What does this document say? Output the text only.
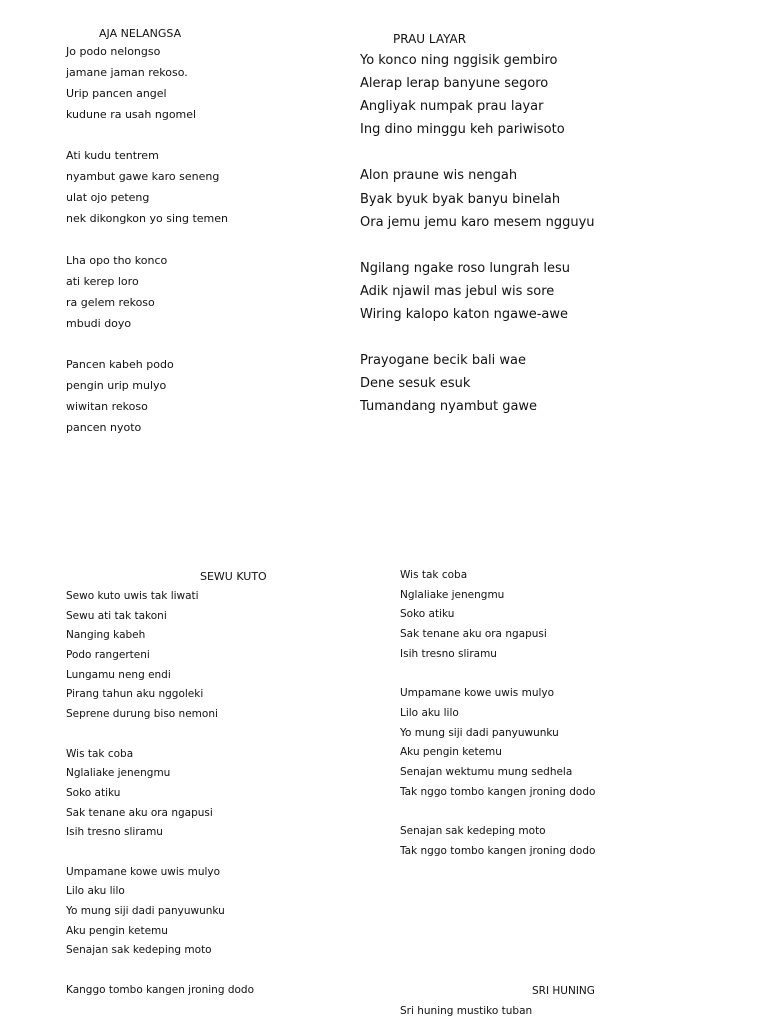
AJA NELANGSA
Jo podo nelongso
jamane jaman rekoso.
Urip pancen angel
kudune ra usah ngomel
Ati kudu tentrem
nyambut gawe karo seneng
ulat ojo peteng
nek dikongkon yo sing temen
Lha opo tho konco
ati kerep loro
ra gelem rekoso
mbudi doyo
Pancen kabeh podo
pengin urip mulyo
wiwitan rekoso
pancen nyoto
PRAU LAYAR
Yo konco ning nggisik gembiro
Alerap lerap banyune segoro
Angliyak numpak prau layar
Ing dino minggu keh pariwisoto
Alon praune wis nengah
Byak byuk byak banyu binelah
Ora jemu jemu karo mesem ngguyu
Ngilang ngake roso lungrah lesu
Adik njawil mas jebul wis sore
Wiring kalopo katon ngawe-awe
Prayogane becik bali wae
Dene sesuk esuk
Tumandang nyambut gawe
SEWU KUTO
Sewo kuto uwis tak liwati
Sewu ati tak takoni
Nanging kabeh
Podo rangerteni
Lungamu neng endi
Pirang tahun aku nggoleki
Seprene durung biso nemoni
Wis tak coba
Nglaliake jenengmu
Soko atiku
Sak tenane aku ora ngapusi
Isih tresno sliramu
Umpamane kowe uwis mulyo
Lilo aku lilo
Yo mung siji dadi panyuwunku
Aku pengin ketemu
Senajan sak kedeping moto
Kanggo tombo kangen jroning dodo
Wis tak coba
Nglaliake jenengmu
Soko atiku
Sak tenane aku ora ngapusi
Isih tresno sliramu
Umpamane kowe uwis mulyo
Lilo aku lilo
Yo mung siji dadi panyuwunku
Aku pengin ketemu
Senajan wektumu mung sedhela
Tak nggo tombo kangen jroning dodo
Senajan sak kedeping moto
Tak nggo tombo kangen jroning dodo
SRI HUNING
Sri huning mustiko tuban
